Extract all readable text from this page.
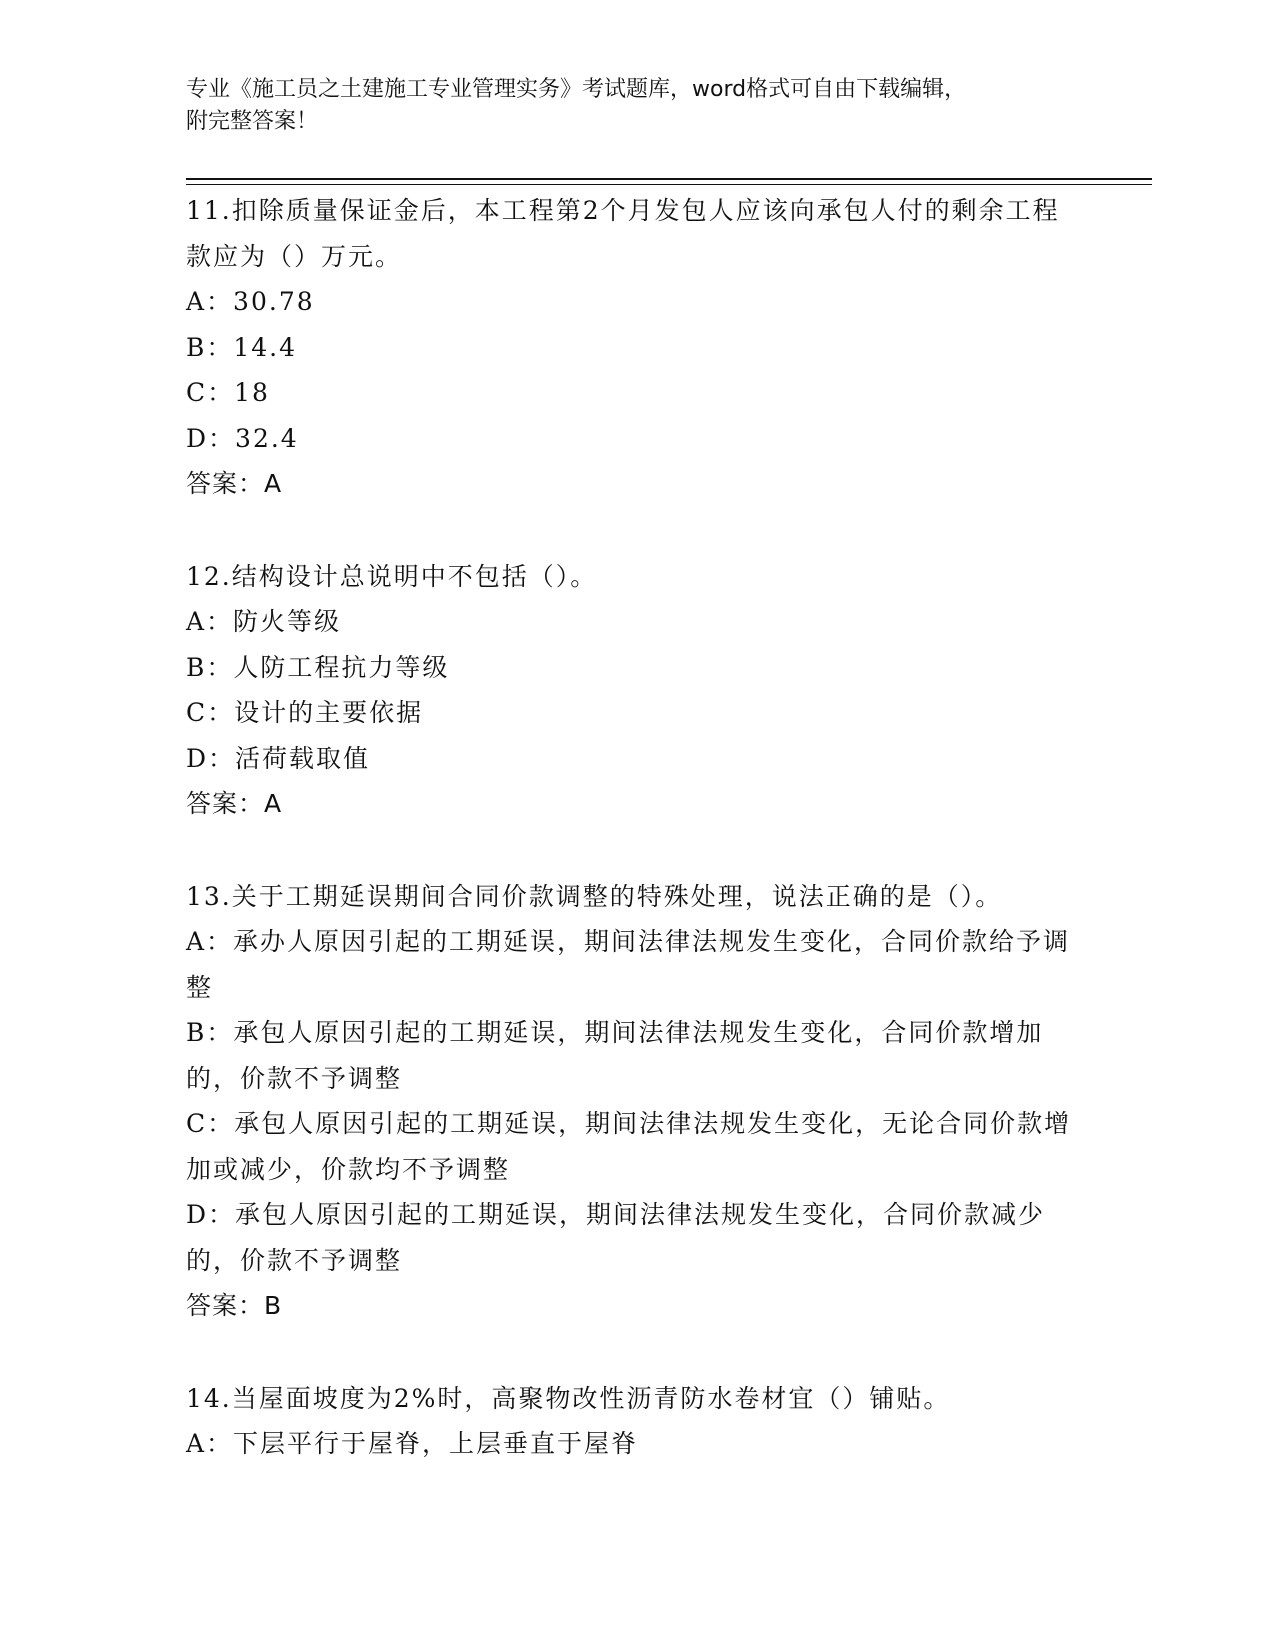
专业《施工员之土建施工专业管理实务》考试题库，word格式可自由下载编辑，
附完整答案！
11.扣除质量保证金后，本工程第2个月发包人应该向承包人付的剩余工程款应为（）万元。
A：30.78
B：14.4
C：18
D：32.4
答案：A
12.结构设计总说明中不包括（）。
A：防火等级
B：人防工程抗力等级
C：设计的主要依据
D：活荷载取值
答案：A
13.关于工期延误期间合同价款调整的特殊处理，说法正确的是（）。
A：承办人原因引起的工期延误，期间法律法规发生变化，合同价款给予调整
B：承包人原因引起的工期延误，期间法律法规发生变化，合同价款增加的，价款不予调整
C：承包人原因引起的工期延误，期间法律法规发生变化，无论合同价款增加或减少，价款均不予调整
D：承包人原因引起的工期延误，期间法律法规发生变化，合同价款减少的，价款不予调整
答案：B
14.当屋面坡度为2%时，高聚物改性沥青防水卷材宜（）铺贴。
A：下层平行于屋脊，上层垂直于屋脊
